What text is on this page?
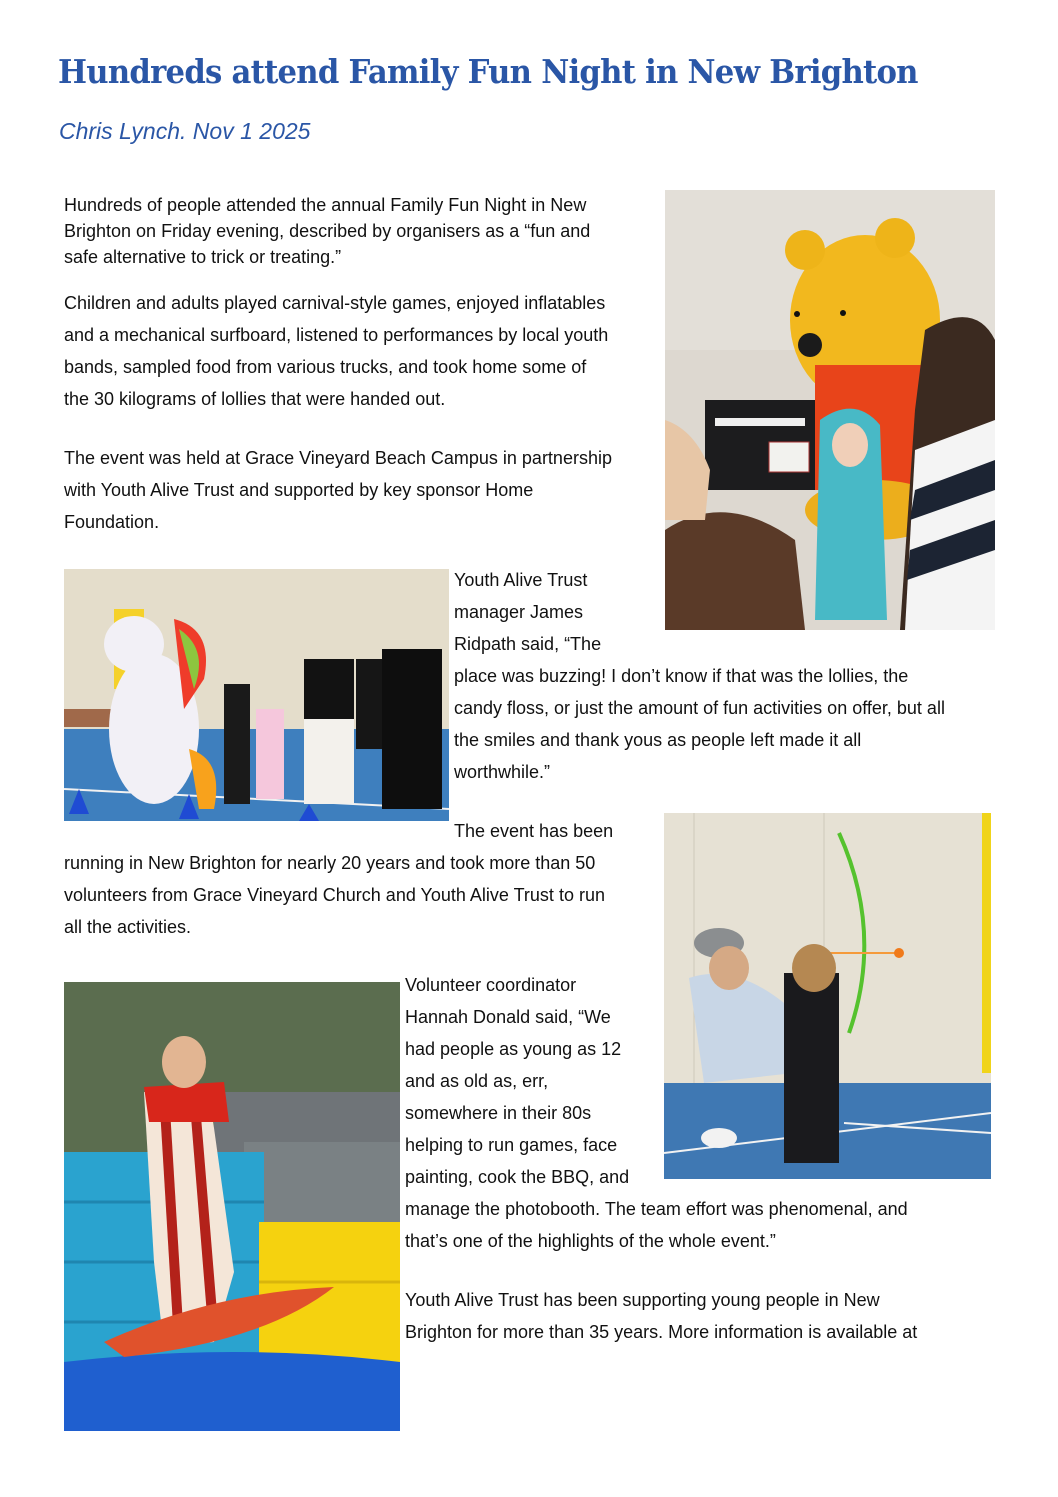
Hundreds attend Family Fun Night in New Brighton
Chris Lynch. Nov 1 2025
Hundreds of people attended the annual Family Fun Night in New
Brighton on Friday evening, described by organisers as a “fun and
safe alternative to trick or treating.”
Children and adults played carnival-style games, enjoyed inflatables
and a mechanical surfboard, listened to performances by local youth
bands, sampled food from various trucks, and took home some of
the 30 kilograms of lollies that were handed out.
The event was held at Grace Vineyard Beach Campus in partnership
with Youth Alive Trust and supported by key sponsor Home
Foundation.
Youth Alive Trust
manager James
Ridpath said, “The
place was buzzing! I don’t know if that was the lollies, the
candy floss, or just the amount of fun activities on offer, but all
the smiles and thank yous as people left made it all
worthwhile.”
The event has been
running in New Brighton for nearly 20 years and took more than 50
volunteers from Grace Vineyard Church and Youth Alive Trust to run
all the activities.
Volunteer coordinator
Hannah Donald said, “We
had people as young as 12
and as old as, err,
somewhere in their 80s
helping to run games, face
painting, cook the BBQ, and
manage the photobooth. The team effort was phenomenal, and
that’s one of the highlights of the whole event.”
Youth Alive Trust has been supporting young people in New
Brighton for more than 35 years. More information is available at
